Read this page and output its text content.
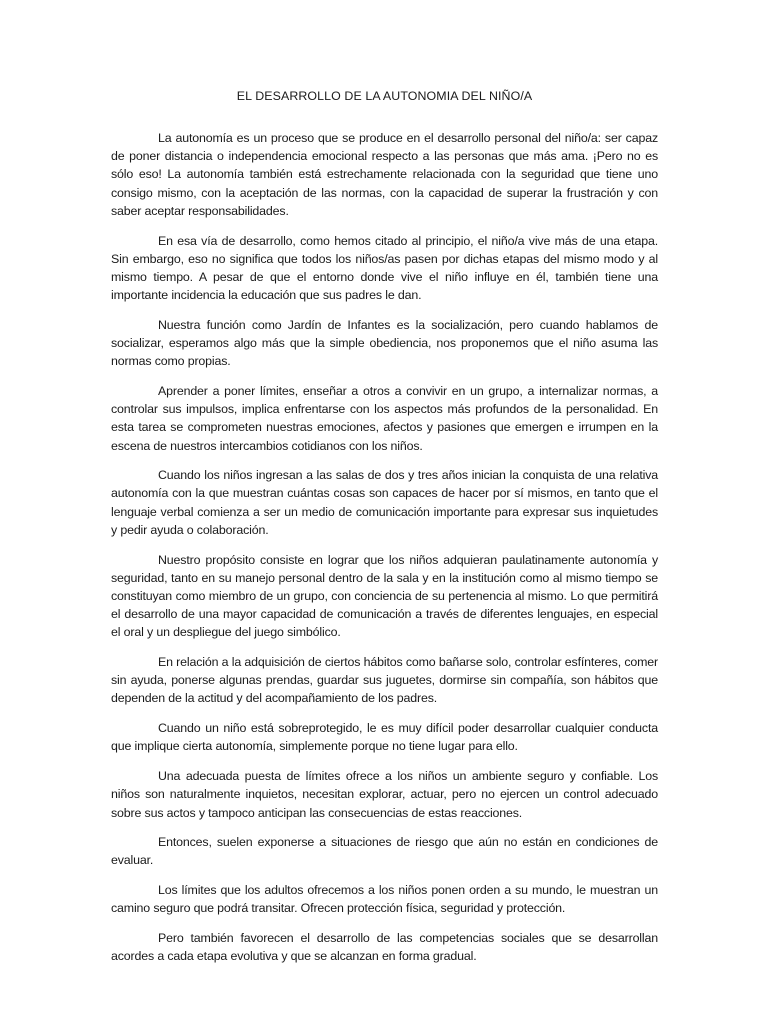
EL DESARROLLO DE LA AUTONOMIA DEL NIÑO/A

La autonomía es un proceso que se produce en el desarrollo personal del niño/a: ser capaz de poner distancia o independencia emocional respecto a las personas que más ama. ¡Pero no es sólo eso! La autonomía también está estrechamente relacionada con la seguridad que tiene uno consigo mismo, con la aceptación de las normas, con la capacidad de superar la frustración y con saber aceptar responsabilidades.

En esa vía de desarrollo, como hemos citado al principio, el niño/a vive más de una etapa. Sin embargo, eso no significa que todos los niños/as pasen por dichas etapas del mismo modo y al mismo tiempo. A pesar de que el entorno donde vive el niño influye en él, también tiene una importante incidencia la educación que sus padres le dan.

Nuestra función como Jardín de Infantes es la socialización, pero cuando hablamos de socializar, esperamos algo más que la simple obediencia, nos proponemos que el niño asuma las normas como propias.

Aprender a poner límites, enseñar a otros a convivir en un grupo, a internalizar normas, a controlar sus impulsos, implica enfrentarse con los aspectos más profundos de la personalidad. En esta tarea se comprometen nuestras emociones, afectos y pasiones que emergen e irrumpen en la escena de nuestros intercambios cotidianos con los niños.

Cuando los niños ingresan a las salas de dos y tres años inician la conquista de una relativa autonomía con la que muestran cuántas cosas son capaces de hacer por sí mismos, en tanto que el lenguaje verbal comienza a ser un medio de comunicación importante para expresar sus inquietudes y pedir ayuda o colaboración.

Nuestro propósito consiste en lograr que los niños adquieran paulatinamente autonomía y seguridad, tanto en su manejo personal dentro de la sala y en la institución como al mismo tiempo se constituyan como miembro de un grupo, con conciencia de su pertenencia al mismo. Lo que permitirá el desarrollo de una mayor capacidad de comunicación a través de diferentes lenguajes, en especial el oral y un despliegue del juego simbólico.

En relación a la adquisición de ciertos hábitos como bañarse solo, controlar esfínteres, comer sin ayuda, ponerse algunas prendas, guardar sus juguetes, dormirse sin compañía, son hábitos que dependen de la actitud y del acompañamiento de los padres.

Cuando un niño está sobreprotegido, le es muy difícil poder desarrollar cualquier conducta que implique cierta autonomía, simplemente porque no tiene lugar para ello.

Una adecuada puesta de límites ofrece a los niños un ambiente seguro y confiable. Los niños son naturalmente inquietos, necesitan explorar, actuar, pero no ejercen un control adecuado sobre sus actos y tampoco anticipan las consecuencias de estas reacciones.

Entonces, suelen exponerse a situaciones de riesgo que aún no están en condiciones de evaluar.

Los límites que los adultos ofrecemos a los niños ponen orden a su mundo, le muestran un camino seguro que podrá transitar. Ofrecen protección física, seguridad y protección.

Pero también favorecen el desarrollo de las competencias sociales que se desarrollan acordes a cada etapa evolutiva y que se alcanzan en forma gradual.
